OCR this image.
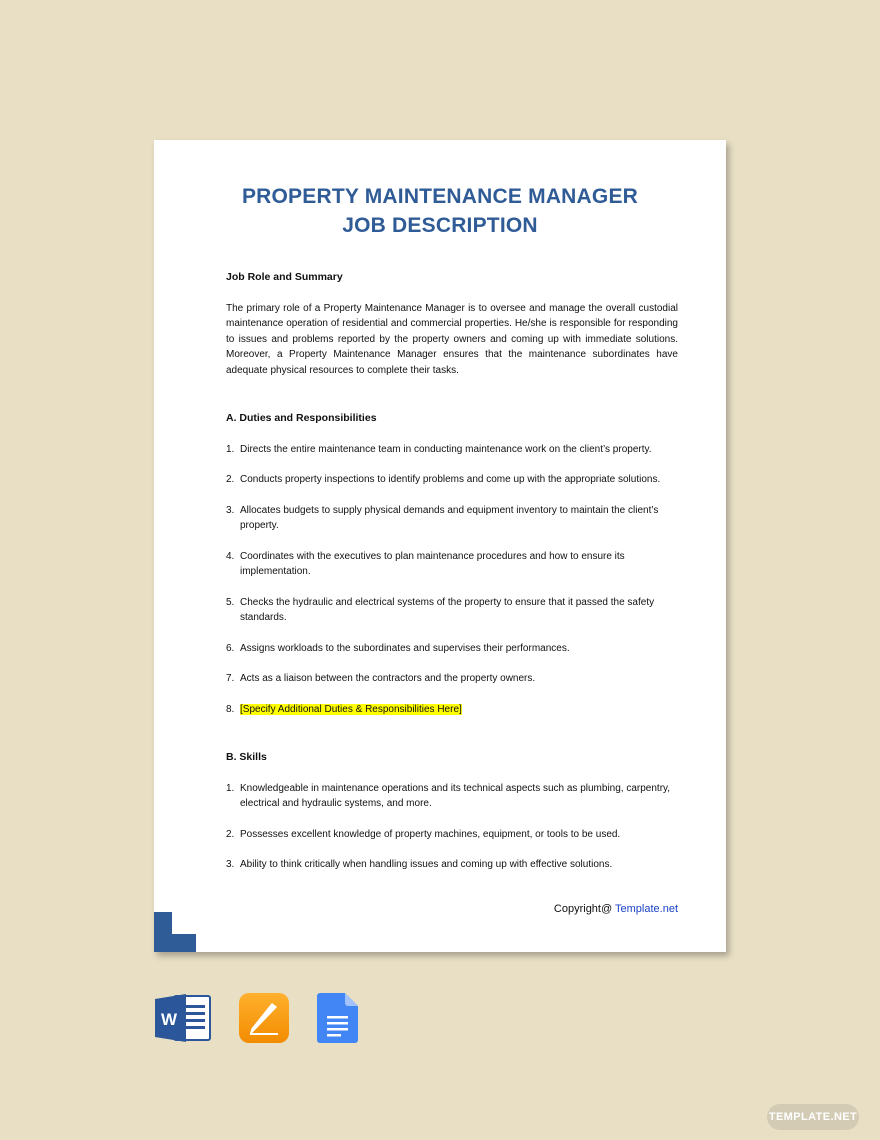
PROPERTY MAINTENANCE MANAGER
JOB DESCRIPTION

Job Role and Summary

The primary role of a Property Maintenance Manager is to oversee and manage the overall custodial maintenance operation of residential and commercial properties. He/she is responsible for responding to issues and problems reported by the property owners and coming up with immediate solutions. Moreover, a Property Maintenance Manager ensures that the maintenance subordinates have adequate physical resources to complete their tasks.

A. Duties and Responsibilities

1. Directs the entire maintenance team in conducting maintenance work on the client’s property.
2. Conducts property inspections to identify problems and come up with the appropriate solutions.
3. Allocates budgets to supply physical demands and equipment inventory to maintain the client’s property.
4. Coordinates with the executives to plan maintenance procedures and how to ensure its implementation.
5. Checks the hydraulic and electrical systems of the property to ensure that it passed the safety standards.
6. Assigns workloads to the subordinates and supervises their performances.
7. Acts as a liaison between the contractors and the property owners.
8. [Specify Additional Duties & Responsibilities Here]

B. Skills

1. Knowledgeable in maintenance operations and its technical aspects such as plumbing, carpentry, electrical and hydraulic systems, and more.
2. Possesses excellent knowledge of property machines, equipment, or tools to be used.
3. Ability to think critically when handling issues and coming up with effective solutions.
Copyright@ Template.net
W
TEMPLATE.NET
